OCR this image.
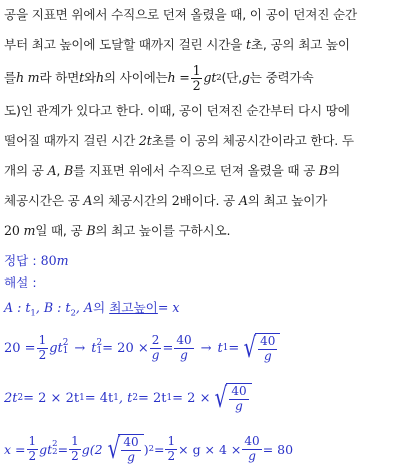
공을 지표면 위에서 수직으로 던져 올렸을 때, 이 공이 던져진 순간
부터 최고 높이에 도달할 때까지 걸린 시간을 t초, 공의 최고 높이
를 h m 라 하면 t 와 h 의 사이에는 $h = \frac{1}{2}$ gt 2 (단, g 는 중력가속
도)인 관계가 있다고 한다. 이때, 공이 던져진 순간부터 다시 땅에
떨어질 때까지 걸린 시간 2t초를 이 공의 체공시간이라고 한다. 두
개의 공 A, B를 지표면 위에서 수직으로 던져 올렸을 때 공 B의
체공시간은 공 A의 체공시간의 2배이다. 공 A의 최고 높이가
20 m일 때, 공 B의 최고 높이를 구하시오.
정답 : 80m
해설 :
A : $t_1$, B : $t_2$, A의 최고높이= x
$20 = \frac{1}{2}$ gt 2
1 → t 2
$1 = 20 \times \frac{2}{g} = \frac{40}{g} \to t$ 1 = √ $\frac{40}{g}$
2t 2 = 2 × 2t 1 = 4t 1 , t 2 = 2t 1 = 2 × √ $\frac{40}{g}$
$x = \frac{1}{2}$ gt 2
$2 = \frac{1}{2} g(2$ √ $\frac{40}{g}$ ) $2 = \frac{1}{2} \times g \times 4 \times \frac{40}{g} = 80$
